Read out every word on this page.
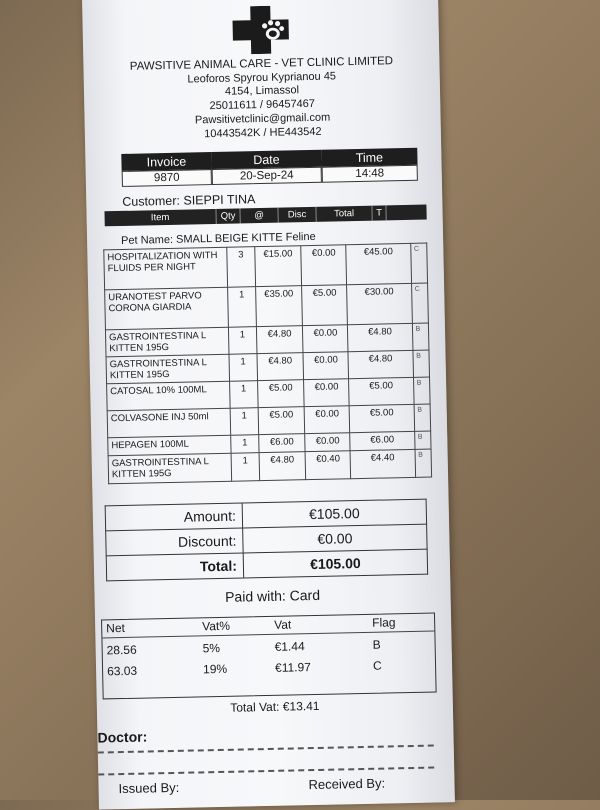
PAWSITIVE ANIMAL CARE - VET CLINIC LIMITED
Leoforos Spyrou Kyprianou 45
4154, Limassol
25011611 / 96457467
Pawsitivetclinic@gmail.com
10443542K / HE443542
Invoice	Date	Time
9870	20-Sep-24	14:48
Customer: SIEPPI TINA
Item	Qty	@	Disc	Total	T
Pet Name: SMALL BEIGE KITTE Feline
HOSPITALIZATION WITH FLUIDS PER NIGHT	3	€15.00	€0.00	€45.00	C
URANOTEST PARVO CORONA GIARDIA	1	€35.00	€5.00	€30.00	C
GASTROINTESTINA L KITTEN 195G	1	€4.80	€0.00	€4.80	B
GASTROINTESTINA L KITTEN 195G	1	€4.80	€0.00	€4.80	B
CATOSAL 10% 100ML	1	€5.00	€0.00	€5.00	B
COLVASONE INJ 50ml	1	€5.00	€0.00	€5.00	B
HEPAGEN 100ML	1	€6.00	€0.00	€6.00	B
GASTROINTESTINA L KITTEN 195G	1	€4.80	€0.40	€4.40	B
Amount:	€105.00
Discount:	€0.00
Total:	€105.00
Paid with: Card
Net	Vat%	Vat	Flag
28.56	5%	€1.44	B
63.03	19%	€11.97	C
Total Vat: €13.41
Doctor:
Issued By:	Received By:
